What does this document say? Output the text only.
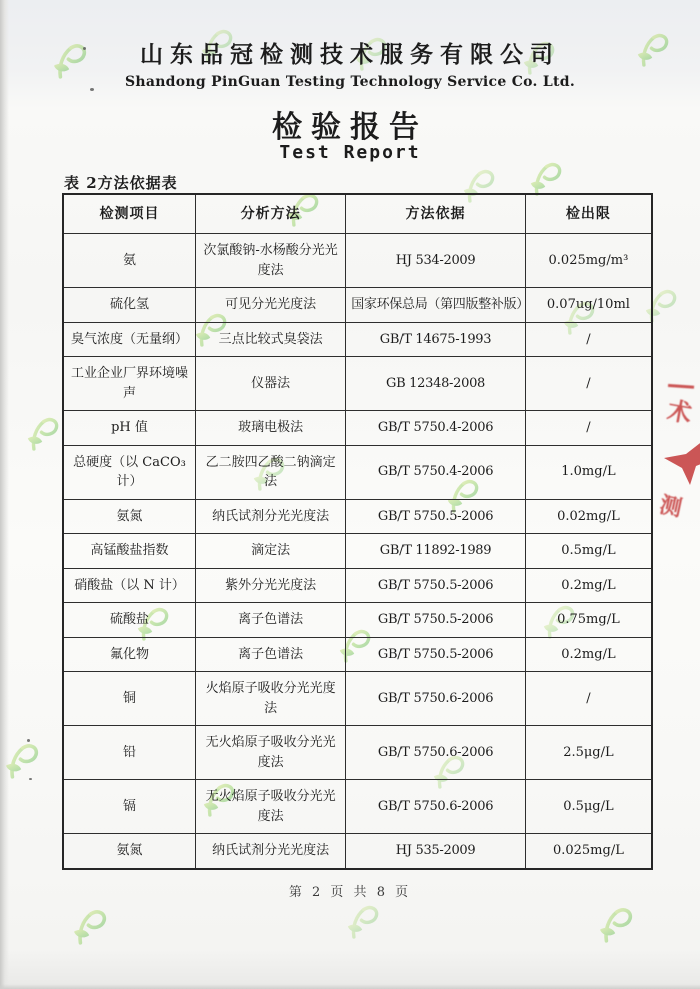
山东品冠检测技术服务有限公司
Shandong PinGuan Testing Technology Service Co. Ltd.
检验报告
Test Report
表 2方法依据表
检测项目	分析方法	方法依据	检出限
氨	次氯酸钠-水杨酸分光光度法	HJ 534-2009	0.025mg/m³
硫化氢	可见分光光度法	国家环保总局（第四版整补版）	0.07ug/10ml
臭气浓度（无量纲）	三点比较式臭袋法	GB/T 14675-1993	/
工业企业厂界环境噪声	仪器法	GB 12348-2008	/
pH 值	玻璃电极法	GB/T 5750.4-2006	/
总硬度（以 CaCO₃计）	乙二胺四乙酸二钠滴定法	GB/T 5750.4-2006	1.0mg/L
氨氮	纳氏试剂分光光度法	GB/T 5750.5-2006	0.02mg/L
高锰酸盐指数	滴定法	GB/T 11892-1989	0.5mg/L
硝酸盐（以 N 计）	紫外分光光度法	GB/T 5750.5-2006	0.2mg/L
硫酸盐	离子色谱法	GB/T 5750.5-2006	0.75mg/L
氟化物	离子色谱法	GB/T 5750.5-2006	0.2mg/L
铜	火焰原子吸收分光光度法	GB/T 5750.6-2006	/
铅	无火焰原子吸收分光光度法	GB/T 5750.6-2006	2.5μg/L
镉	无火焰原子吸收分光光度法	GB/T 5750.6-2006	0.5μg/L
氨氮	纳氏试剂分光光度法	HJ 535-2009	0.025mg/L
术
测
第 2 页 共 8 页
